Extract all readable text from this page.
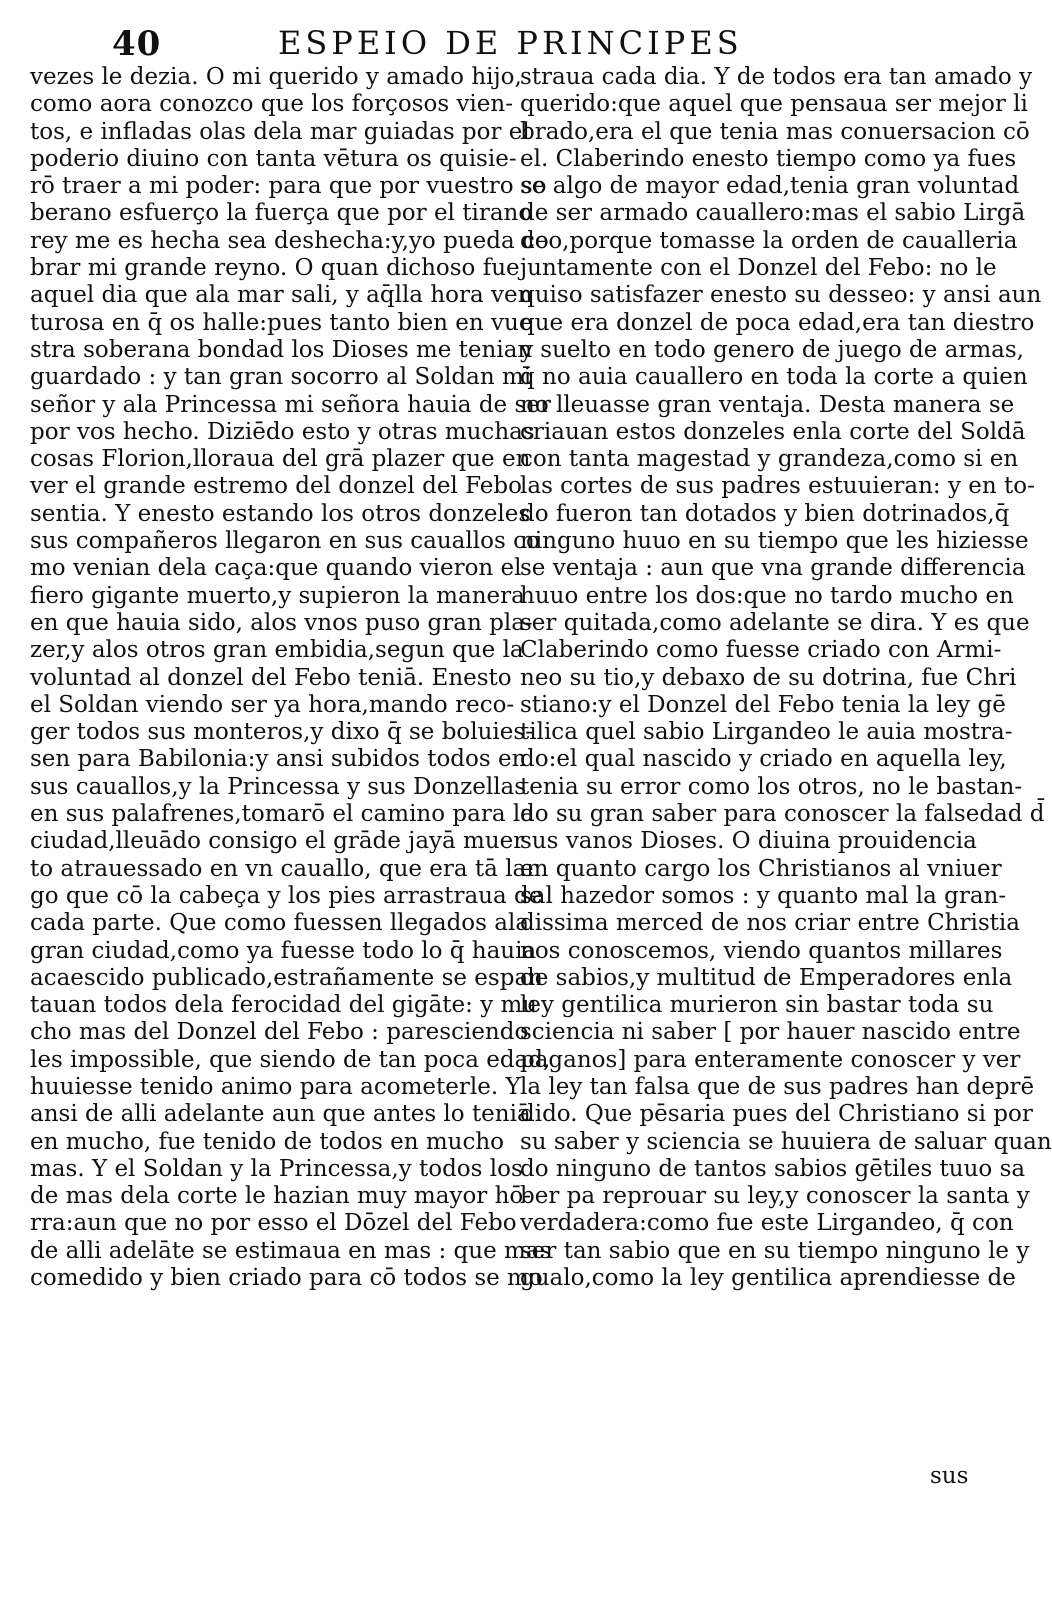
40	ESPEIO DE PRINCIPES
vezes le dezia. O mi querido y amado hijo,
como aora conozco que los forçosos vien-
tos, e infladas olas dela mar guiadas por el
poderio diuino con tanta vētura os quisie-
rō traer a mi poder: para que por vuestro so
berano esfuerço la fuerça que por el tirano
rey me es hecha sea deshecha:y,yo pueda co
brar mi grande reyno. O quan dichoso fue
aquel dia que ala mar sali, y aq̄lla hora ven
turosa en q̄ os halle:pues tanto bien en vue
stra soberana bondad los Dioses me tenian
guardado : y tan gran socorro al Soldan mi
señor y ala Princessa mi señora hauia de ser
por vos hecho. Diziēdo esto y otras muchas
cosas Florion,lloraua del grā plazer que en
ver el grande estremo del donzel del Febo
sentia. Y enesto estando los otros donzeles
sus compañeros llegaron en sus cauallos co
mo venian dela caça:que quando vieron el
fiero gigante muerto,y supieron la manera
en que hauia sido, alos vnos puso gran pla-
zer,y alos otros gran embidia,segun que la
voluntad al donzel del Febo teniā. Enesto
el Soldan viendo ser ya hora,mando reco-
ger todos sus monteros,y dixo q̄ se boluies-
sen para Babilonia:y ansi subidos todos en
sus cauallos,y la Princessa y sus Donzellas
en sus palafrenes,tomarō el camino para la
ciudad,lleuādo consigo el grāde jayā muer
to atrauessado en vn cauallo, que era tā lar
go que cō la cabeça y los pies arrastraua de
cada parte. Que como fuessen llegados ala
gran ciudad,como ya fuesse todo lo q̄ hauia
acaescido publicado,estrañamente se espan
tauan todos dela ferocidad del gigāte: y mu
cho mas del Donzel del Febo : paresciendo
les impossible, que siendo de tan poca edad,
huuiesse tenido animo para acometerle. Y
ansi de alli adelante aun que antes lo teniā
en mucho, fue tenido de todos en mucho
mas. Y el Soldan y la Princessa,y todos los
de mas dela corte le hazian muy mayor hō-
rra:aun que no por esso el Dōzel del Febo
de alli adelāte se estimaua en mas : que mas
comedido y bien criado para cō todos se mo
straua cada dia. Y de todos era tan amado y
querido:que aquel que pensaua ser mejor li
brado,era el que tenia mas conuersacion cō
el. Claberindo enesto tiempo como ya fues
se algo de mayor edad,tenia gran voluntad
de ser armado cauallero:mas el sabio Lirgā
deo,porque tomasse la orden de caualleria
juntamente con el Donzel del Febo: no le
quiso satisfazer enesto su desseo: y ansi aun
que era donzel de poca edad,era tan diestro
y suelto en todo genero de juego de armas,
q̄ no auia cauallero en toda la corte a quien
no lleuasse gran ventaja. Desta manera se
criauan estos donzeles enla corte del Soldā
con tanta magestad y grandeza,como si en
las cortes de sus padres estuuieran: y en to-
do fueron tan dotados y bien dotrinados,q̄
ninguno huuo en su tiempo que les hiziesse
se ventaja : aun que vna grande differencia
huuo entre los dos:que no tardo mucho en
ser quitada,como adelante se dira. Y es que
Claberindo como fuesse criado con Armi-
neo su tio,y debaxo de su dotrina, fue Chri
stiano:y el Donzel del Febo tenia la ley gē
tilica quel sabio Lirgandeo le auia mostra-
do:el qual nascido y criado en aquella ley,
tenia su error como los otros, no le bastan-
do su gran saber para conoscer la falsedad d̄
sus vanos Dioses. O diuina prouidencia
en quanto cargo los Christianos al vniuer
sal hazedor somos : y quanto mal la gran-
dissima merced de nos criar entre Christia
nos conoscemos, viendo quantos millares
de sabios,y multitud de Emperadores enla
ley gentilica murieron sin bastar toda su
sciencia ni saber [ por hauer nascido entre
paganos] para enteramente conoscer y ver
la ley tan falsa que de sus padres han deprē
dido. Que pēsaria pues del Christiano si por
su saber y sciencia se huuiera de saluar quan
do ninguno de tantos sabios gētiles tuuo sa
ber pa reprouar su ley,y conoscer la santa y
verdadera:como fue este Lirgandeo, q̄ con
ser tan sabio que en su tiempo ninguno le y
gualo,como la ley gentilica aprendiesse de
sus
